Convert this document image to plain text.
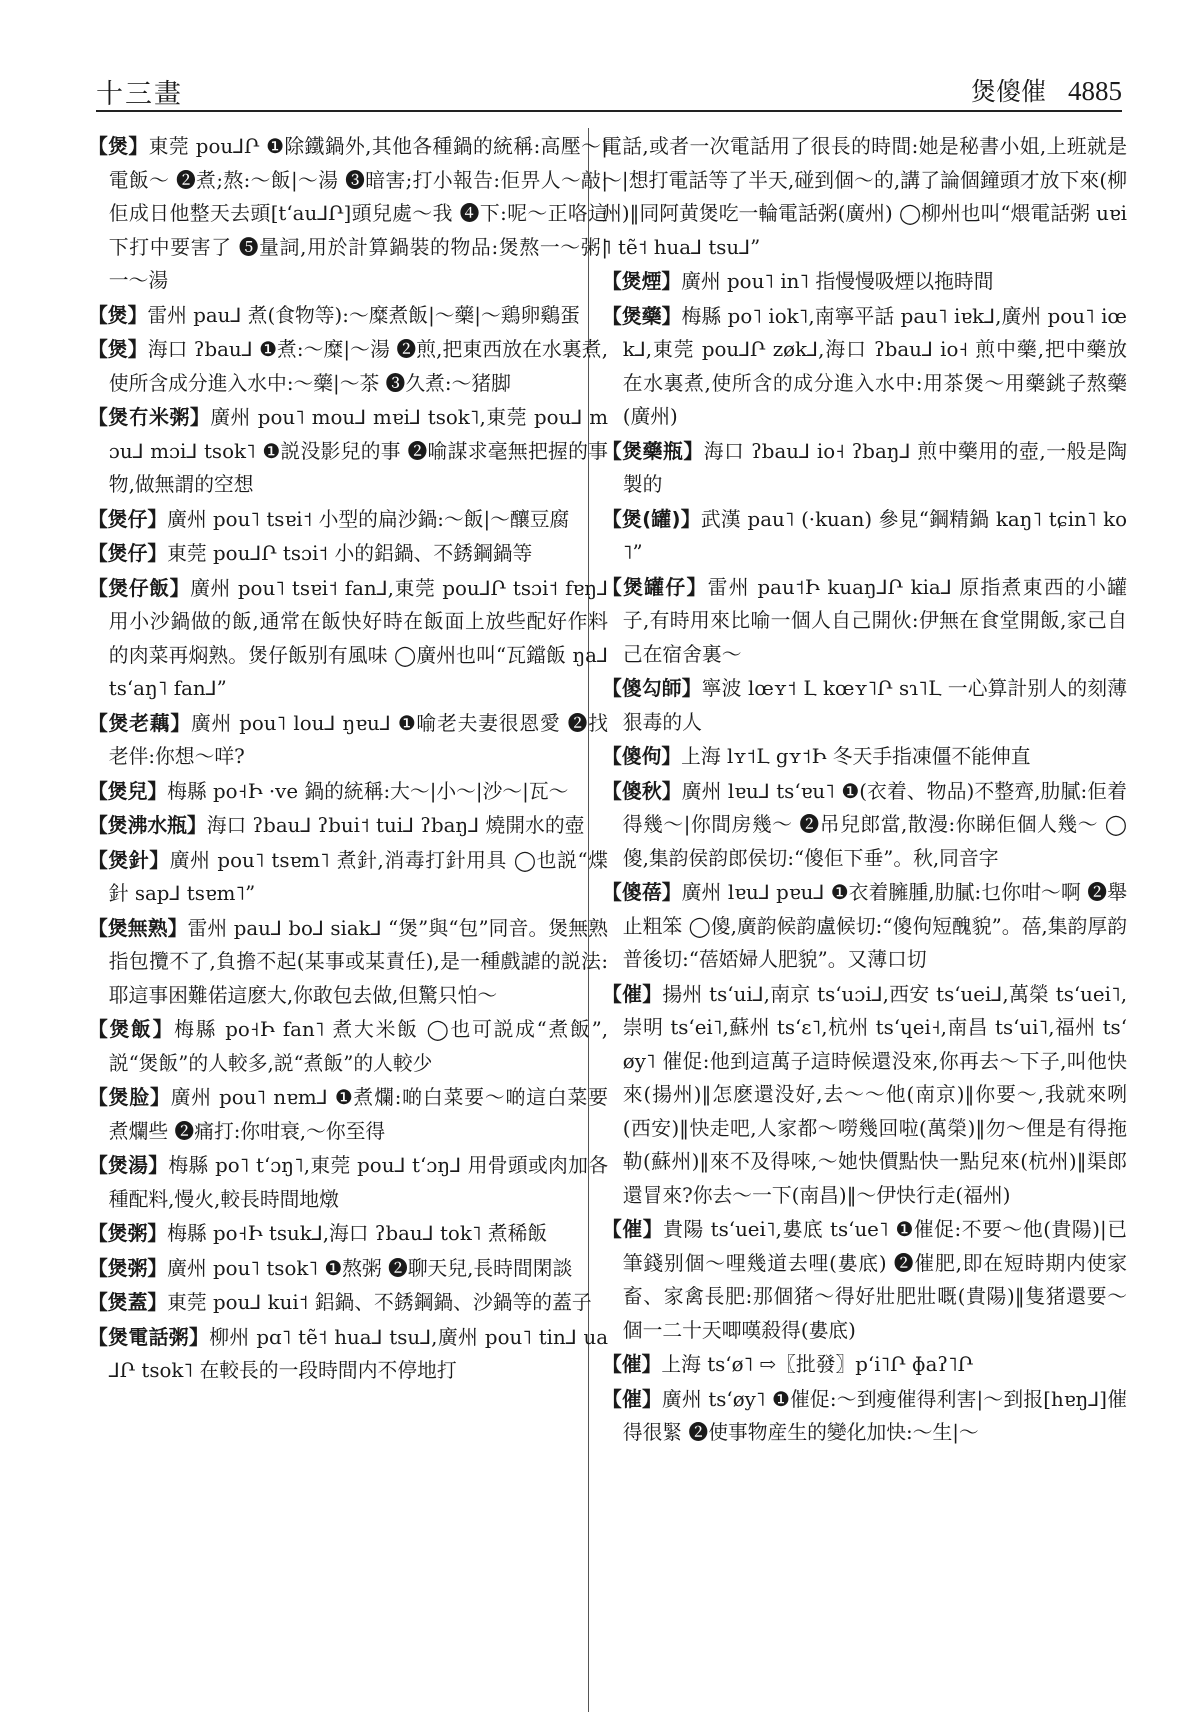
十三畫	煲傻催 4885

【煲】東莞 pou⅃Ր ❶除鐵鍋外,其他各種鍋的統稱:高壓～|電飯～ ❷煮;熬:～飯|～湯 ❸暗害;打小報告:佢畀人～敲|佢成日他整天去頭[tʻau⅃Ր]頭兒處～我 ❹下:呢～正咯這下打中要害了 ❺量詞,用於計算鍋裝的物品:煲熬一～粥|一～湯

【煲】雷州 pau⅃ 煮(食物等):～糜煮飯|～藥|～鶏卵鷄蛋

【煲】海口 ʔbau⅃ ❶煮:～糜|～湯 ❷煎,把東西放在水裏煮,使所含成分進入水中:～藥|～茶 ❸久煮:～猪脚

【煲冇米粥】廣州 pou˥ mou⅃ mɐi⅃ tsok˥,東莞 pou⅃ mɔu⅃ mɔi⅃ tsok˥ ❶説没影兒的事 ❷喻謀求毫無把握的事物,做無謂的空想

【煲仔】廣州 pou˥ tsɐi˦ 小型的扁沙鍋:～飯|～釀豆腐

【煲仔】東莞 pou⅃Ր tsɔi˦ 小的鋁鍋、不銹鋼鍋等

【煲仔飯】廣州 pou˥ tsɐi˦ fan⅃,東莞 pou⅃Ր tsɔi˦ fɐŋ⅃ 用小沙鍋做的飯,通常在飯快好時在飯面上放些配好作料的肉菜再焖熟。煲仔飯别有風味 ◯廣州也叫“瓦鐺飯 ŋa⅃ tsʻaŋ˥ fan⅃”

【煲老藕】廣州 pou˥ lou⅃ ŋɐu⅃ ❶喻老夫妻很恩愛 ❷找老伴:你想～咩?

【煲兒】梅縣 po˧Ի ·ve 鍋的統稱:大～|小～|沙～|瓦～

【煲沸水瓶】海口 ʔbau⅃ ʔbui˦ tui⅃ ʔbaŋ⅃ 燒開水的壺

【煲針】廣州 pou˥ tsɐm˥ 煮針,消毒打針用具 ◯也説“煠針 sap⅃ tsɐm˥”

【煲無熟】雷州 pau⅃ bo⅃ siak⅃ “煲”與“包”同音。煲無熟指包攬不了,負擔不起(某事或某責任),是一種戲謔的説法:耶這事困難偌這麽大,你敢包去做,但驚只怕～

【煲飯】梅縣 po˧Ի fan˥ 煮大米飯 ◯也可説成“煮飯”,説“煲飯”的人較多,説“煮飯”的人較少

【煲脸】廣州 pou˥ nɐm⅃ ❶煮爛:啲白菜要～啲這白菜要煮爛些 ❷痛打:你咁衰,～你至得

【煲湯】梅縣 po˥ tʻɔŋ˥,東莞 pou⅃ tʻɔŋ⅃ 用骨頭或肉加各種配料,慢火,較長時間地燉

【煲粥】梅縣 po˧Ի tsuk⅃,海口 ʔbau⅃ tok˥ 煮稀飯

【煲粥】廣州 pou˥ tsok˥ ❶熬粥 ❷聊天兒,長時間閑談

【煲蓋】東莞 pou⅃ kui˦ 鋁鍋、不銹鋼鍋、沙鍋等的蓋子

【煲電話粥】柳州 pɑ˥ tẽ˦ hua⅃ tsu⅃,廣州 pou˥ tin⅃ ua⅃Ր tsok˥ 在較長的一段時間内不停地打

電話,或者一次電話用了很長的時間:她是秘書小姐,上班就是～|想打電話等了半天,碰到個～的,講了論個鐘頭才放下來(柳州)‖同阿黄煲吃一輪電話粥(廣州) ◯柳州也叫“煨電話粥 uɐi˥ tẽ˦ hua⅃ tsu⅃”

【煲煙】廣州 pou˥ in˥ 指慢慢吸煙以拖時間

【煲藥】梅縣 po˥ iok˥,南寧平話 pau˥ iɐk⅃,廣州 pou˥ iœk⅃,東莞 pou⅃Ր zøk⅃,海口 ʔbau⅃ io˧ 煎中藥,把中藥放在水裏煮,使所含的成分進入水中:用茶煲～用藥銚子熬藥(廣州)

【煲藥瓶】海口 ʔbau⅃ io˧ ʔbaŋ⅃ 煎中藥用的壺,一般是陶製的

【煲(罐)】武漢 pau˥ (·kuan) 參見“鋼精鍋 kaŋ˥ tɕin˥ ko˥”

【煲罐仔】雷州 pau˦Ի kuaŋ⅃Ր kia⅃ 原指煮東西的小罐子,有時用來比喻一個人自己開伙:伊無在食堂開飯,家己自己在宿舍裏～

【傻勾師】寧波 lœʏ˦ Լ kœʏ˥Ր sɿ˥Լ 一心算計别人的刻薄狠毒的人

【傻佝】上海 lʏ˦Լ gʏ˦Ի 冬天手指凍僵不能伸直

【傻秋】廣州 lɐu⅃ tsʻɐu˥ ❶(衣着、物品)不整齊,肋膩:佢着得幾～|你間房幾～ ❷吊兒郎當,散漫:你睇佢個人幾～ ◯傻,集韵侯韵郎侯切:“傻佢下垂”。秋,同音字

【傻蓓】廣州 lɐu⅃ pɐu⅃ ❶衣着臃腫,肋膩:乜你咁～啊 ❷舉止粗笨 ◯傻,廣韵候韵盧候切:“傻佝短醜貌”。蓓,集韵厚韵普後切:“蓓娝婦人肥貌”。又薄口切

【催】揚州 tsʻui⅃,南京 tsʻuɔi⅃,西安 tsʻuei⅃,萬榮 tsʻuei˥,崇明 tsʻei˥,蘇州 tsʻɛ˥,杭州 tsʻɥei˧,南昌 tsʻui˥,福州 tsʻøy˥ 催促:他到這萬子這時候還没來,你再去～下子,叫他快來(揚州)‖怎麽還没好,去～～他(南京)‖你要～,我就來咧(西安)‖快走吧,人家都～嘮幾回啦(萬榮)‖勿～俚是有得拖勒(蘇州)‖來不及得唻,～她快價點快一點兒來(杭州)‖渠郎還冒來?你去～一下(南昌)‖～伊快行走(福州)

【催】貴陽 tsʻuei˥,婁底 tsʻue˥ ❶催促:不要～他(貴陽)|已筆錢别個～哩幾道去哩(婁底) ❷催肥,即在短時期内使家畜、家禽長肥:那個猪～得好壯肥壯嘅(貴陽)‖隻猪還要～個一二十天唧嘆殺得(婁底)

【催】上海 tsʻø˥ ⇨〖批發〗pʻi˥Ր ɸaʔ˥Ր

【催】廣州 tsʻøy˥ ❶催促:～到瘦催得利害|～到报[hɐŋ⅃]催得很緊 ❷使事物産生的變化加快:～生|～
